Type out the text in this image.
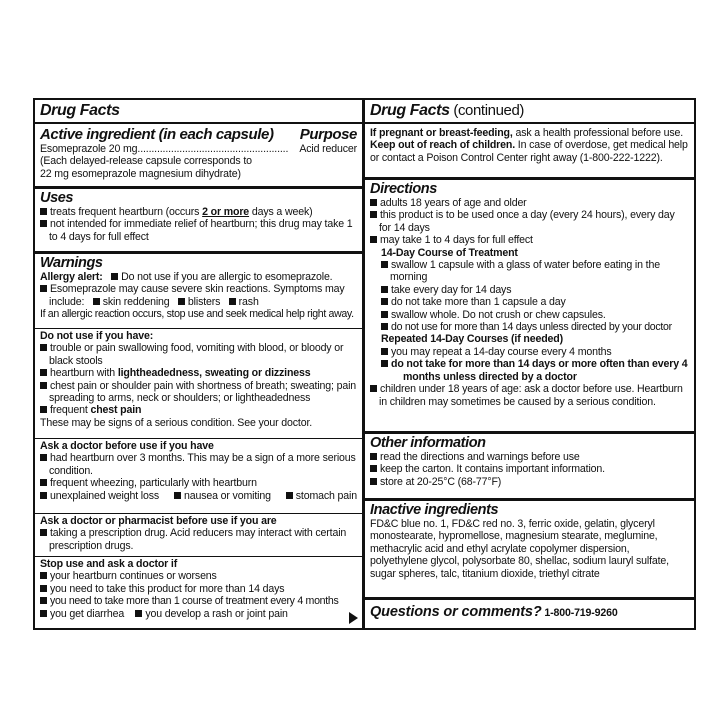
Drug Facts
Active ingredient (in each capsule) Purpose
Esomeprazole 20 mg...................................................... Acid reducer
(Each delayed-release capsule corresponds to
22 mg esomeprazole magnesium dihydrate)
Uses
treats frequent heartburn (occurs 2 or more days a week)
not intended for immediate relief of heartburn; this drug may take 1 to 4 days for full effect
Warnings
Allergy alert: Do not use if you are allergic to esomeprazole.
Esomeprazole may cause severe skin reactions. Symptoms may
include: skin reddening blisters rash
If an allergic reaction occurs, stop use and seek medical help right away.
Do not use if you have:
trouble or pain swallowing food, vomiting with blood, or bloody or black stools
heartburn with lightheadedness, sweating or dizziness
chest pain or shoulder pain with shortness of breath; sweating; pain spreading to arms, neck or shoulders; or lightheadedness
frequent chest pain
These may be signs of a serious condition. See your doctor.
Ask a doctor before use if you have
had heartburn over 3 months. This may be a sign of a more serious condition.
frequent wheezing, particularly with heartburn
unexplained weight loss	nausea or vomiting	stomach pain
Ask a doctor or pharmacist before use if you are
taking a prescription drug. Acid reducers may interact with certain prescription drugs.
Stop use and ask a doctor if
your heartburn continues or worsens
you need to take this product for more than 14 days
you need to take more than 1 course of treatment every 4 months
you get diarrhea you develop a rash or joint pain
Drug Facts (continued)
If pregnant or breast-feeding, ask a health professional before use.
Keep out of reach of children. In case of overdose, get medical help or contact a Poison Control Center right away (1-800-222-1222).
Directions
adults 18 years of age and older
this product is to be used once a day (every 24 hours), every day for 14 days
may take 1 to 4 days for full effect
14-Day Course of Treatment
swallow 1 capsule with a glass of water before eating in the morning
take every day for 14 days
do not take more than 1 capsule a day
swallow whole. Do not crush or chew capsules.
do not use for more than 14 days unless directed by your doctor
Repeated 14-Day Courses (if needed)
you may repeat a 14-day course every 4 months
do not take for more than 14 days or more often than every 4 months unless directed by a doctor
children under 18 years of age: ask a doctor before use. Heartburn in children may sometimes be caused by a serious condition.
Other information
read the directions and warnings before use
keep the carton. It contains important information.
store at 20-25°C (68-77°F)
Inactive ingredients
FD&C blue no. 1, FD&C red no. 3, ferric oxide, gelatin, glyceryl monostearate, hypromellose, magnesium stearate, meglumine, methacrylic acid and ethyl acrylate copolymer dispersion, polyethylene glycol, polysorbate 80, shellac, sodium lauryl sulfate, sugar spheres, talc, titanium dioxide, triethyl citrate
Questions or comments? 1-800-719-9260
